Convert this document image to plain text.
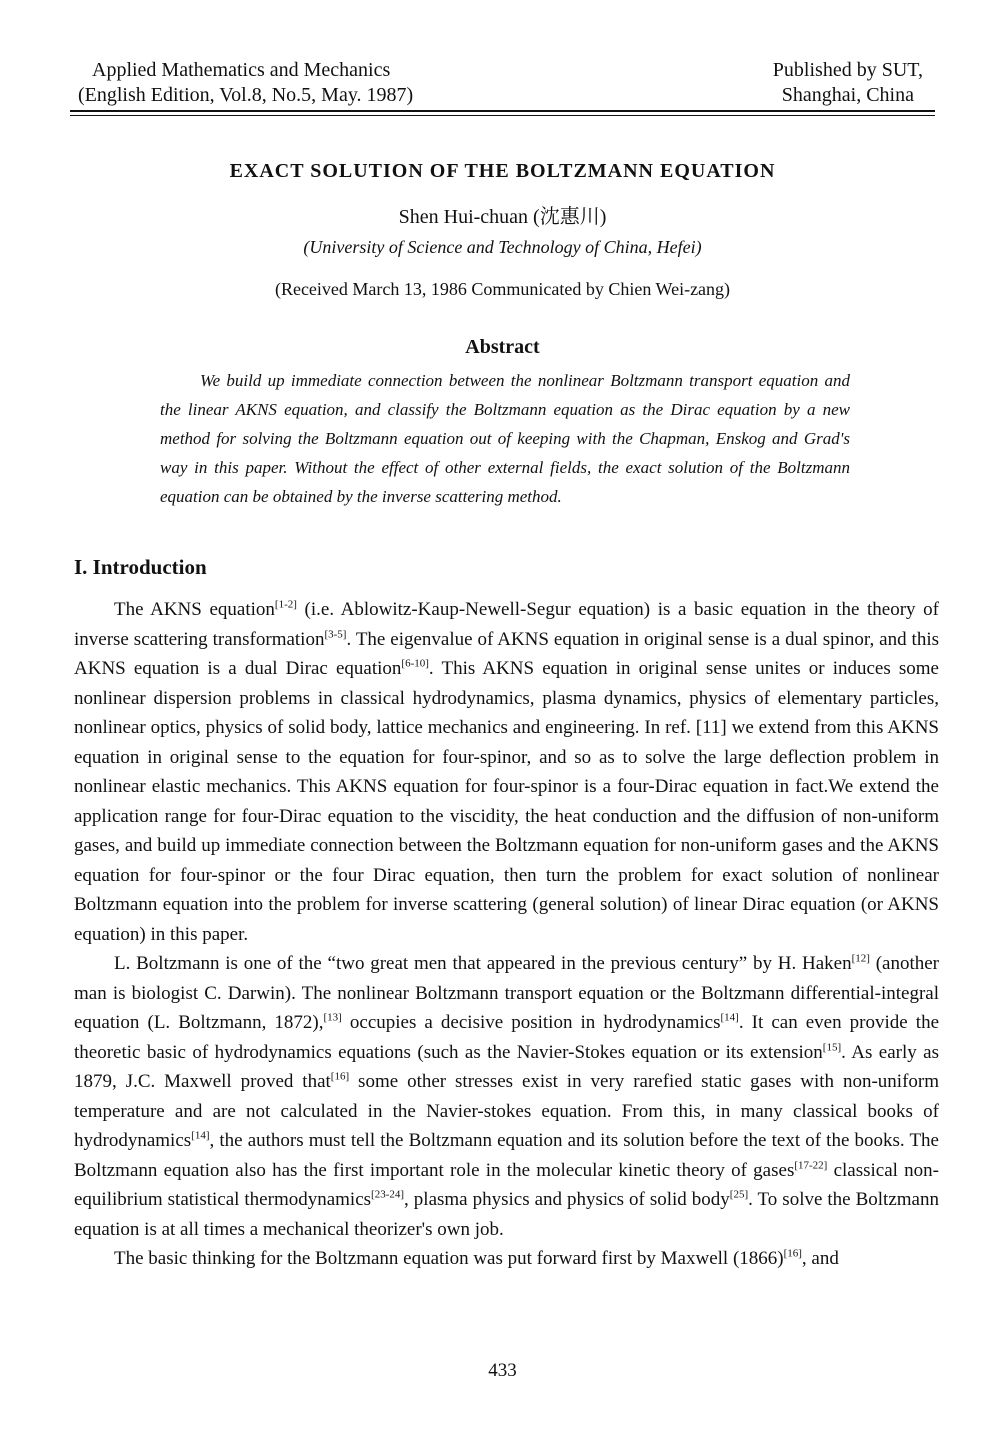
Applied Mathematics and Mechanics
(English Edition, Vol.8, No.5, May. 1987)
Published by SUT,
Shanghai, China
EXACT SOLUTION OF THE BOLTZMANN EQUATION
Shen Hui-chuan (沈惠川)
(University of Science and Technology of China, Hefei)
(Received March 13, 1986 Communicated by Chien Wei-zang)
Abstract
We build up immediate connection between the nonlinear Boltzmann transport equation and the linear AKNS equation, and classify the Boltzmann equation as the Dirac equation by a new method for solving the Boltzmann equation out of keeping with the Chapman, Enskog and Grad's way in this paper. Without the effect of other external fields, the exact solution of the Boltzmann equation can be obtained by the inverse scattering method.
I. Introduction

The AKNS equation[1-2] (i.e. Ablowitz-Kaup-Newell-Segur equation) is a basic equation in the theory of inverse scattering transformation[3-5]. The eigenvalue of AKNS equation in original sense is a dual spinor, and this AKNS equation is a dual Dirac equation[6-10]. This AKNS equation in original sense unites or induces some nonlinear dispersion problems in classical hydrodynamics, plasma dynamics, physics of elementary particles, nonlinear optics, physics of solid body, lattice mechanics and engineering. In ref. [11] we extend from this AKNS equation in original sense to the equation for four-spinor, and so as to solve the large deflection problem in nonlinear elastic mechanics. This AKNS equation for four-spinor is a four-Dirac equation in fact.We extend the application range for four-Dirac equation to the viscidity, the heat conduction and the diffusion of non-uniform gases, and build up immediate connection between the Boltzmann equation for non-uniform gases and the AKNS equation for four-spinor or the four Dirac equation, then turn the problem for exact solution of nonlinear Boltzmann equation into the problem for inverse scattering (general solution) of linear Dirac equation (or AKNS equation) in this paper.

L. Boltzmann is one of the “two great men that appeared in the previous century” by H. Haken[12] (another man is biologist C. Darwin). The nonlinear Boltzmann transport equation or the Boltzmann differential-integral equation (L. Boltzmann, 1872),[13] occupies a decisive position in hydrodynamics[14]. It can even provide the theoretic basic of hydrodynamics equations (such as the Navier-Stokes equation or its extension[15]. As early as 1879, J.C. Maxwell proved that[16] some other stresses exist in very rarefied static gases with non-uniform temperature and are not calculated in the Navier-stokes equation. From this, in many classical books of hydrodynamics[14], the authors must tell the Boltzmann equation and its solution before the text of the books. The Boltzmann equation also has the first important role in the molecular kinetic theory of gases[17-22] classical non-equilibrium statistical thermodynamics[23-24], plasma physics and physics of solid body[25]. To solve the Boltzmann equation is at all times a mechanical theorizer's own job.

The basic thinking for the Boltzmann equation was put forward first by Maxwell (1866)[16], and

433
